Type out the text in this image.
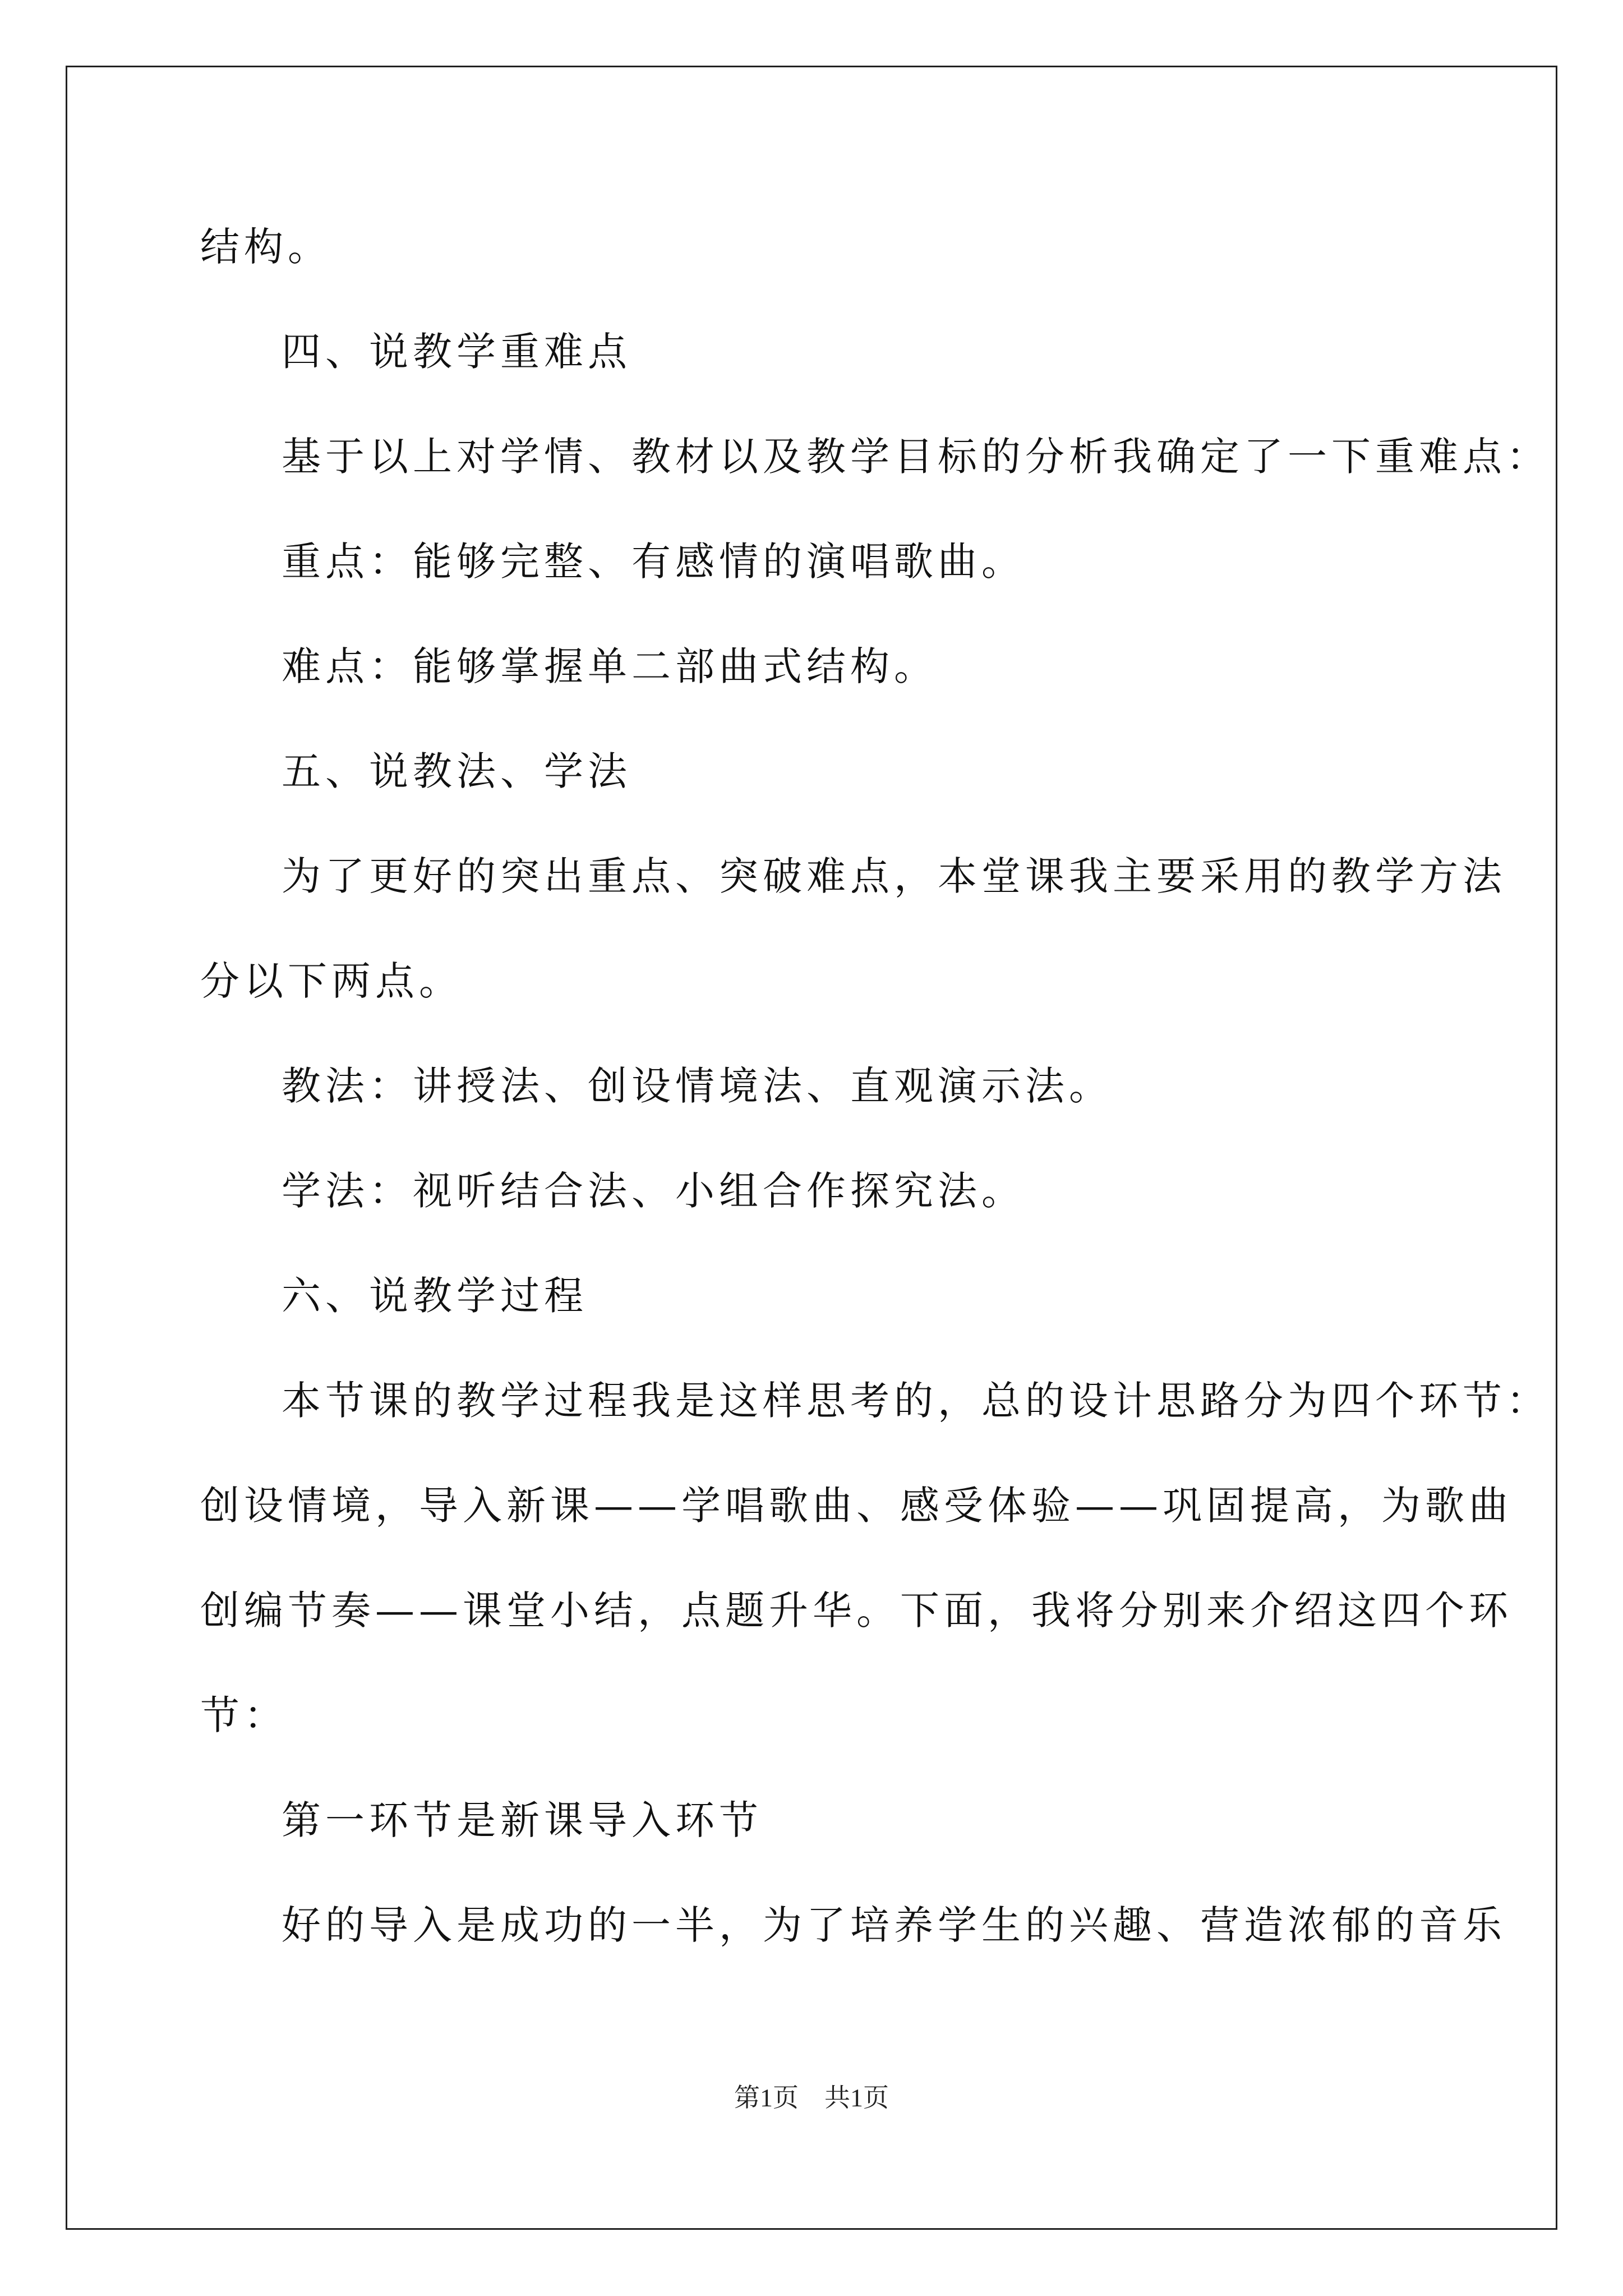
结构。
四、说教学重难点
基于以上对学情、教材以及教学目标的分析我确定了一下重难点：
重点：能够完整、有感情的演唱歌曲。
难点：能够掌握单二部曲式结构。
五、说教法、学法
为了更好的突出重点、突破难点，本堂课我主要采用的教学方法
分以下两点。
教法：讲授法、创设情境法、直观演示法。
学法：视听结合法、小组合作探究法。
六、说教学过程
本节课的教学过程我是这样思考的，总的设计思路分为四个环节：
创设情境，导入新课——学唱歌曲、感受体验——巩固提高，为歌曲
创编节奏——课堂小结，点题升华。下面，我将分别来介绍这四个环
节：
第一环节是新课导入环节
好的导入是成功的一半，为了培养学生的兴趣、营造浓郁的音乐
第1页　共1页
